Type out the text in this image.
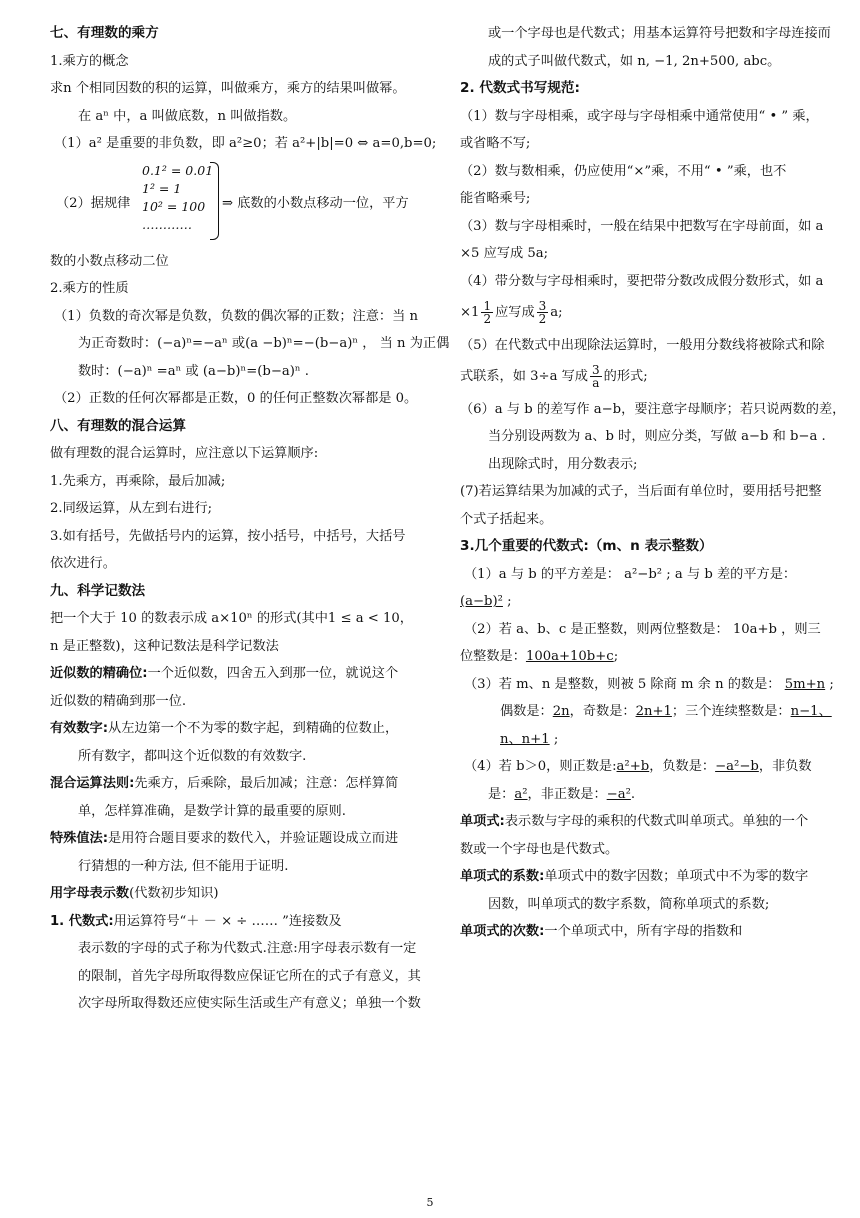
七、有理数的乘方
1.乘方的概念
求n 个相同因数的积的运算，叫做乘方，乘方的结果叫做幂。
在 aⁿ 中，a 叫做底数，n 叫做指数。
（1）a² 是重要的非负数，即 a²≥0；若 a²+|b|=0 ⇔ a=0,b=0;
（2）据规律
0.1² = 0.01
1² = 1
10² = 100
…………
⇒ 底数的小数点移动一位，平方
数的小数点移动二位
2.乘方的性质
（1）负数的奇次幂是负数，负数的偶次幂的正数；注意：当 n
为正奇数时：(−a)ⁿ=−aⁿ 或(a −b)ⁿ=−(b−a)ⁿ ， 当 n 为正偶
数时：(−a)ⁿ =aⁿ 或 (a−b)ⁿ=(b−a)ⁿ .
（2）正数的任何次幂都是正数，0 的任何正整数次幂都是 0。
八、有理数的混合运算
做有理数的混合运算时，应注意以下运算顺序:
1.先乘方，再乘除，最后加减;
2.同级运算，从左到右进行;
3.如有括号，先做括号内的运算，按小括号，中括号，大括号
依次进行。
九、科学记数法
把一个大于 10 的数表示成 a×10ⁿ 的形式(其中1 ≤ a < 10，
n 是正整数)，这种记数法是科学记数法
近似数的精确位:一个近似数，四舍五入到那一位，就说这个
近似数的精确到那一位.
有效数字:从左边第一个不为零的数字起，到精确的位数止，
所有数字，都叫这个近似数的有效数字.
混合运算法则:先乘方，后乘除，最后加减；注意：怎样算简
单，怎样算准确，是数学计算的最重要的原则.
特殊值法:是用符合题目要求的数代入，并验证题设成立而进
行猜想的一种方法, 但不能用于证明.
用字母表示数(代数初步知识)
1. 代数式:用运算符号“＋ － × ÷ …… ”连接数及
表示数的字母的式子称为代数式.注意:用字母表示数有一定
的限制，首先字母所取得数应保证它所在的式子有意义，其
次字母所取得数还应使实际生活或生产有意义；单独一个数
或一个字母也是代数式；用基本运算符号把数和字母连接而
成的式子叫做代数式，如 n, −1, 2n+500, abc。
2. 代数式书写规范:
（1）数与字母相乘，或字母与字母相乘中通常使用“ • ” 乘，
或省略不写;
（2）数与数相乘，仍应使用“×”乘，不用“ • ”乘，也不
能省略乘号;
（3）数与字母相乘时，一般在结果中把数写在字母前面，如 a
×5 应写成 5a;
（4）带分数与字母相乘时，要把带分数改成假分数形式，如 a
$\times 1 \frac{1}{2}$ 应写成 $\frac{3}{2} a$;
（5）在代数式中出现除法运算时，一般用分数线将被除式和除
式联系，如 3÷a 写成 $\frac{3}{a}$ 的形式;
（6）a 与 b 的差写作 a−b，要注意字母顺序；若只说两数的差，
当分别设两数为 a、b 时，则应分类，写做 a−b 和 b−a .
出现除式时，用分数表示;
(7)若运算结果为加减的式子，当后面有单位时，要用括号把整
个式子括起来。
3.几个重要的代数式:（m、n 表示整数）
（1）a 与 b 的平方差是： a²−b² ; a 与 b 差的平方是：
(a−b)² ;
（2）若 a、b、c 是正整数，则两位整数是： 10a+b ，则三
位整数是：100a+10b+c;
（3）若 m、n 是整数，则被 5 除商 m 余 n 的数是： 5m+n ;
偶数是：2n，奇数是：2n+1；三个连续整数是：n−1、
n、n+1 ;
（4）若 b＞0，则正数是:a²+b，负数是：−a²−b，非负数
是：a²，非正数是：−a².
单项式:表示数与字母的乘积的代数式叫单项式。单独的一个
数或一个字母也是代数式。
单项式的系数:单项式中的数字因数；单项式中不为零的数字
因数，叫单项式的数字系数，简称单项式的系数;
单项式的次数:一个单项式中，所有字母的指数和
5
